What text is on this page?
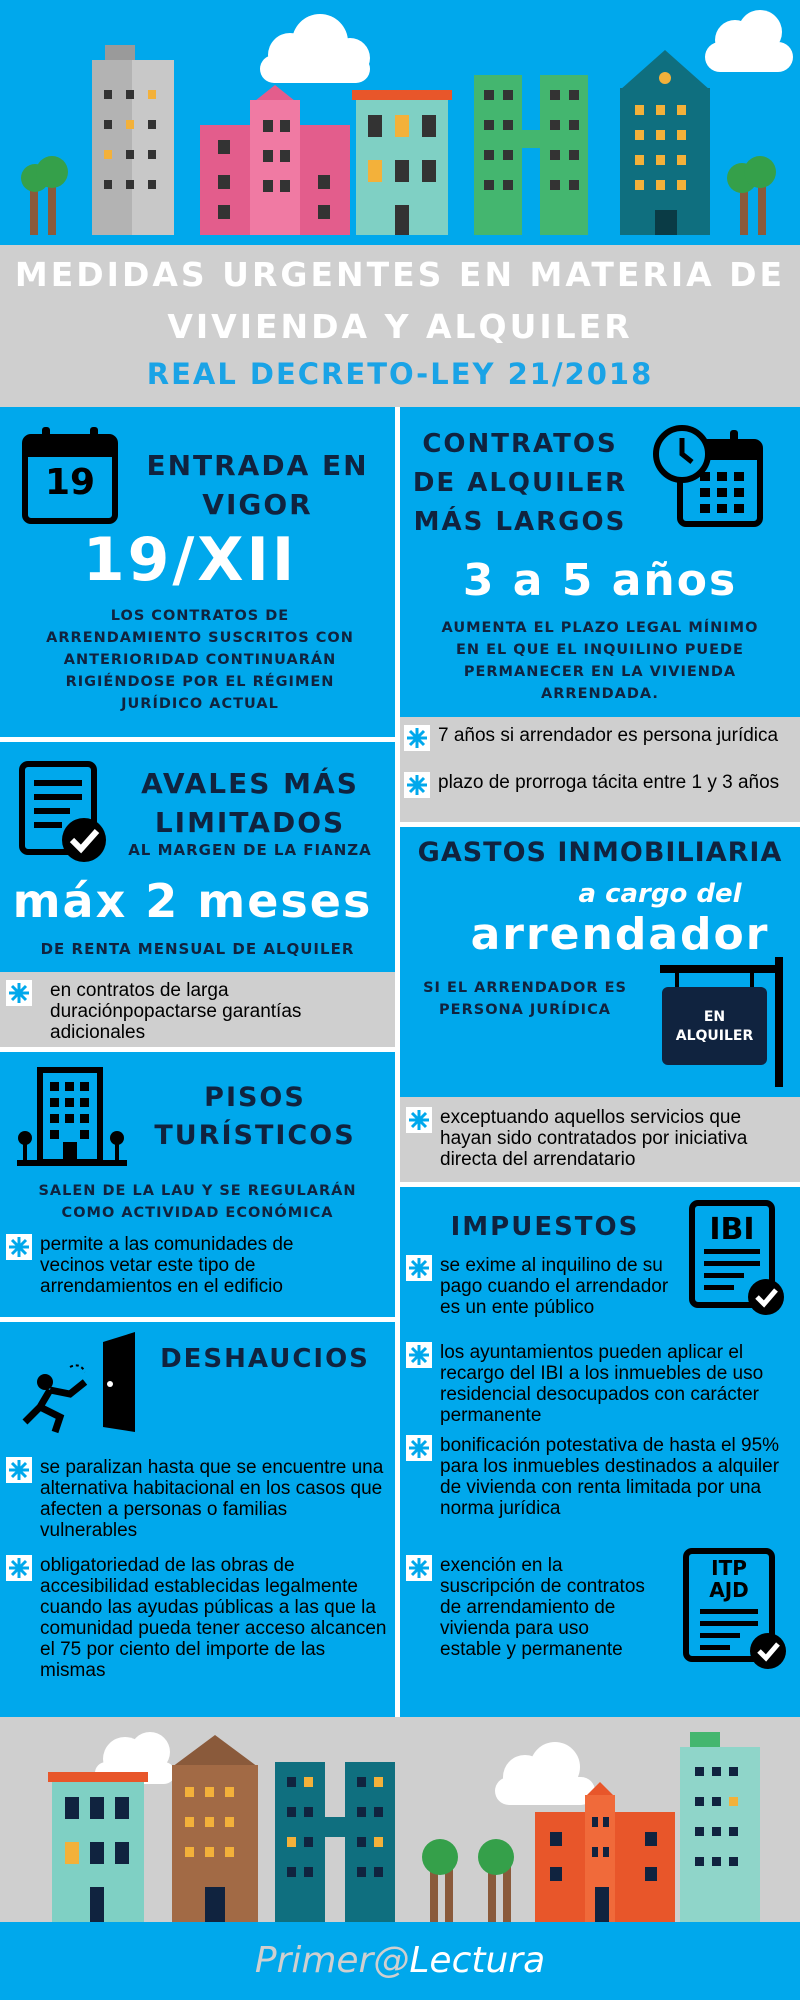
MEDIDAS URGENTES EN MATERIA DE
VIVIENDA Y ALQUILER
REAL DECRETO-LEY 21/2018
19	ENTRADA EN
VIGOR
19/XII
LOS CONTRATOS DE ARRENDAMIENTO SUSCRITOS CON ANTERIORIDAD CONTINUARÁN RIGIÉNDOSE POR EL RÉGIMEN JURÍDICO ACTUAL
CONTRATOS
DE ALQUILER
MÁS LARGOS
3 a 5 años
AUMENTA EL PLAZO LEGAL MÍNIMO EN EL QUE EL INQUILINO PUEDE PERMANECER EN LA VIVIENDA ARRENDADA.
7 años si arrendador es persona jurídica
plazo de prorroga tácita entre 1 y 3 años
AVALES MÁS
LIMITADOS
AL MARGEN DE LA FIANZA
máx 2 meses
DE RENTA MENSUAL DE ALQUILER
en contratos de larga duraciónpopactarse garantías adicionales
GASTOS INMOBILIARIA
a cargo del
arrendador
SI EL ARRENDADOR ES PERSONA JURÍDICA	EN
ALQUILER
exceptuando aquellos servicios que hayan sido contratados por iniciativa directa del arrendatario
PISOS
TURÍSTICOS
SALEN DE LA LAU Y SE REGULARÁN COMO ACTIVIDAD ECONÓMICA
permite a las comunidades de vecinos vetar este tipo de arrendamientos en el edificio
IMPUESTOS	IBI
se exime al inquilino de su pago cuando el arrendador es un ente público
los ayuntamientos pueden aplicar el recargo del IBI a los inmuebles de uso residencial desocupados con carácter permanente
bonificación potestativa de hasta el 95% para los inmuebles destinados a alquiler de vivienda con renta limitada por una norma jurídica
exención en la suscripción de contratos de arrendamiento de vivienda para uso estable y permanente
ITP
AJD
DESHAUCIOS
se paralizan hasta que se encuentre una alternativa habitacional en los casos que afecten a personas o familias vulnerables
obligatoriedad de las obras de accesibilidad establecidas legalmente cuando las ayudas públicas a las que la comunidad pueda tener acceso alcancen el 75 por ciento del importe de las mismas
Primer@Lectura
